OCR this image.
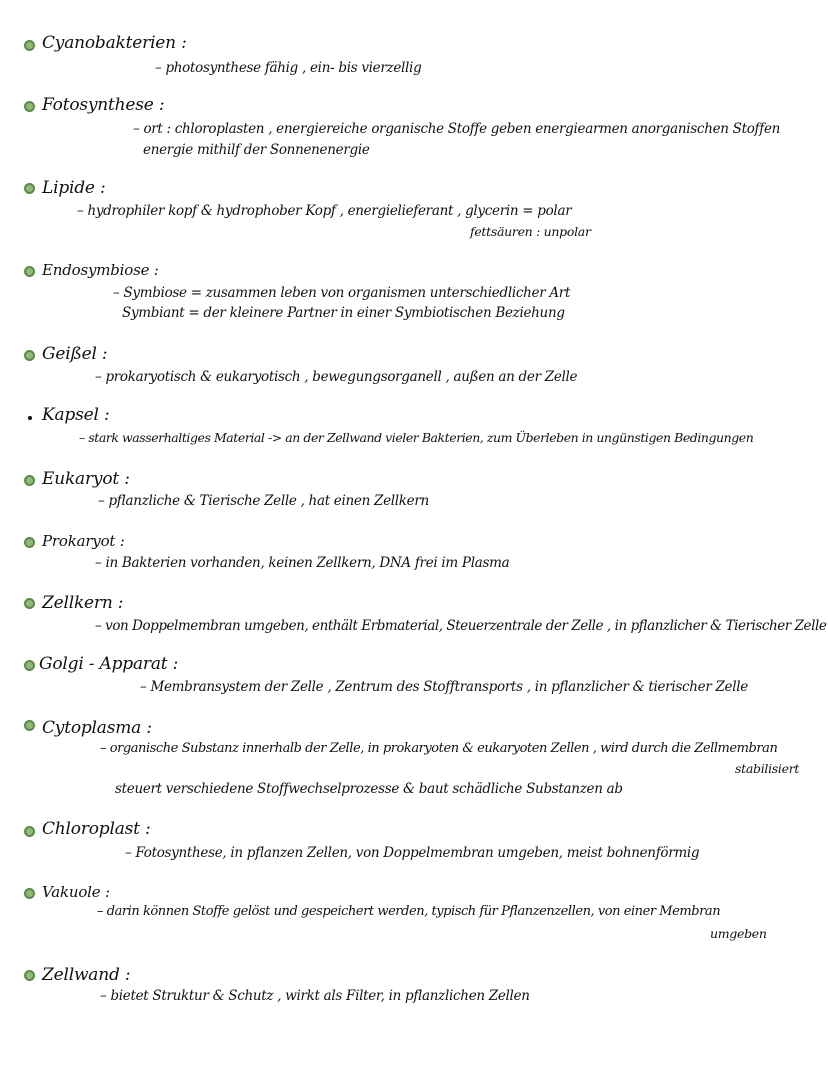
Cyanobakterien :
– photosynthese fähig , ein- bis vierzellig
Fotosynthese :
– ort : chloroplasten , energiereiche organische Stoffe geben energiearmen anorganischen Stoffen
energie mithilf der Sonnenenergie
Lipide :
– hydrophiler kopf & hydrophober Kopf , energielieferant , glycerin = polar
fettsäuren : unpolar
Endosymbiose :
– Symbiose = zusammen leben von organismen unterschiedlicher Art
Symbiant = der kleinere Partner in einer Symbiotischen Beziehung
Geißel :
– prokaryotisch & eukaryotisch , bewegungsorganell , außen an der Zelle
Kapsel :
– stark wasserhaltiges Material -> an der Zellwand vieler Bakterien, zum Überleben in ungünstigen Bedingungen
Eukaryot :
– pflanzliche & Tierische Zelle , hat einen Zellkern
Prokaryot :
– in Bakterien vorhanden, keinen Zellkern, DNA frei im Plasma
Zellkern :
– von Doppelmembran umgeben, enthält Erbmaterial, Steuerzentrale der Zelle , in pflanzlicher & Tierischer Zelle
Golgi - Apparat :
– Membransystem der Zelle , Zentrum des Stofftransports , in pflanzlicher & tierischer Zelle
Cytoplasma :
– organische Substanz innerhalb der Zelle, in prokaryoten & eukaryoten Zellen , wird durch die Zellmembran
stabilisiert
steuert verschiedene Stoffwechselprozesse & baut schädliche Substanzen ab
Chloroplast :
– Fotosynthese, in pflanzen Zellen, von Doppelmembran umgeben, meist bohnenförmig
Vakuole :
– darin können Stoffe gelöst und gespeichert werden, typisch für Pflanzenzellen, von einer Membran
umgeben
Zellwand :
– bietet Struktur & Schutz , wirkt als Filter, in pflanzlichen Zellen
